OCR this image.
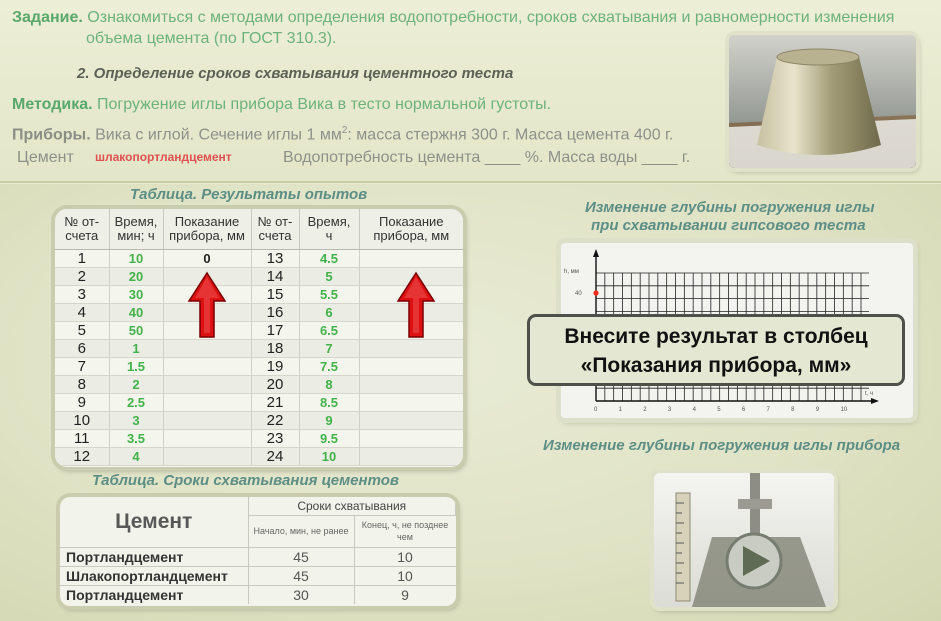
Задание. Ознакомиться с методами определения водопотребности, сроков схватывания и равномерности изменения
объема цемента (по ГОСТ 310.3).
2. Определение сроков схватывания цементного теста
Методика. Погружение иглы прибора Вика в тесто нормальной густоты.
Приборы. Вика с иглой. Сечение иглы 1 $мм^2$: масса стержня 300 г. Масса цемента 400 г.
Цемент шлакопортландцемент	Водопотребность цемента ____ %. Масса воды ____ г.
Таблица. Результаты опытов
№ от-
счета	Время,
мин; ч	Показание
прибора, мм	№ от-
счета	Время,
ч	Показание
прибора, мм
1	10	0	13	4.5	
2	20		14	5	
3	30		15	5.5	
4	40		16	6	
5	50		17	6.5	
6	1		18	7	
7	1.5		19	7.5	
8	2		20	8	
9	2.5		21	8.5	
10	3		22	9	
11	3.5		23	9.5	
12	4		24	10	
Таблица. Сроки схватывания цементов
Цемент	Сроки схватывания	
	Начало, мин, не ранее	Конец, ч, не позднее чем
Портландцемент	45	10
Шлакопортландцемент	45	10
Портландцемент	30	9
Изменение глубины погружения иглы
при схватывании гипсового теста
h, мм
t, ч
40
0	1	2	3	4	5	6	7	8	9	10
Внесите результат в столбец
«Показания прибора, мм»
Изменение глубины погружения иглы прибора
